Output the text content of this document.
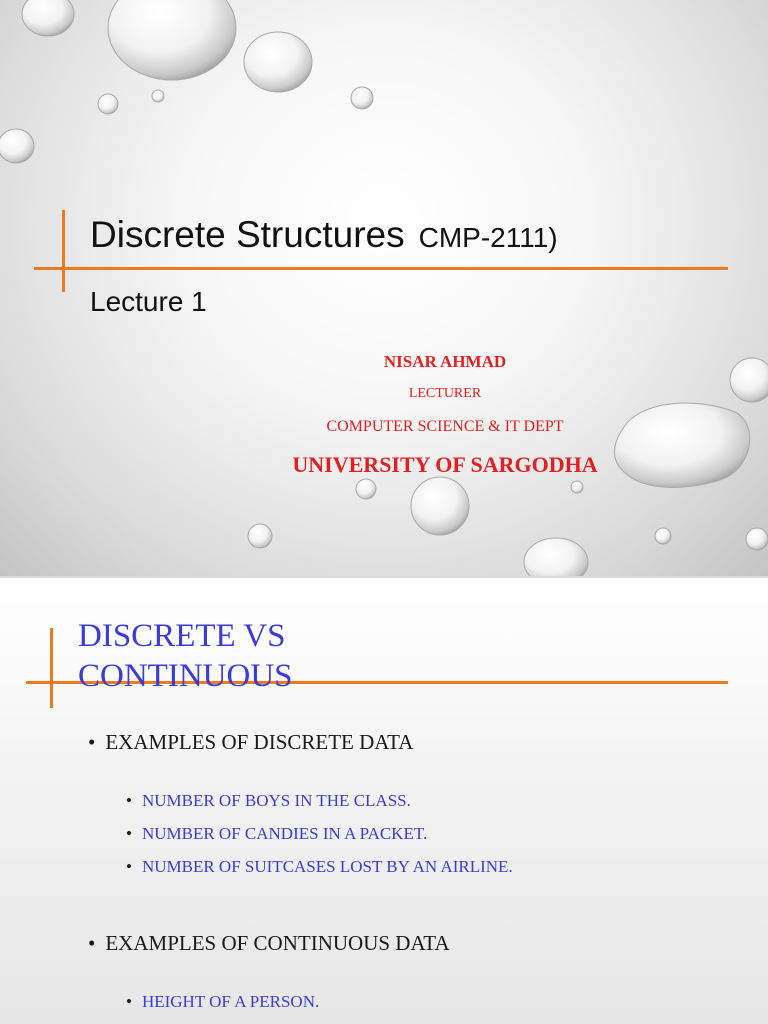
Discrete Structures CMP-2111)
Lecture 1
NISAR AHMAD
LECTURER
COMPUTER SCIENCE & IT DEPT
UNIVERSITY OF SARGODHA
DISCRETE VS CONTINUOUS
• EXAMPLES OF DISCRETE DATA
• NUMBER OF BOYS IN THE CLASS.
• NUMBER OF CANDIES IN A PACKET.
• NUMBER OF SUITCASES LOST BY AN AIRLINE.
• EXAMPLES OF CONTINUOUS DATA
• HEIGHT OF A PERSON.
